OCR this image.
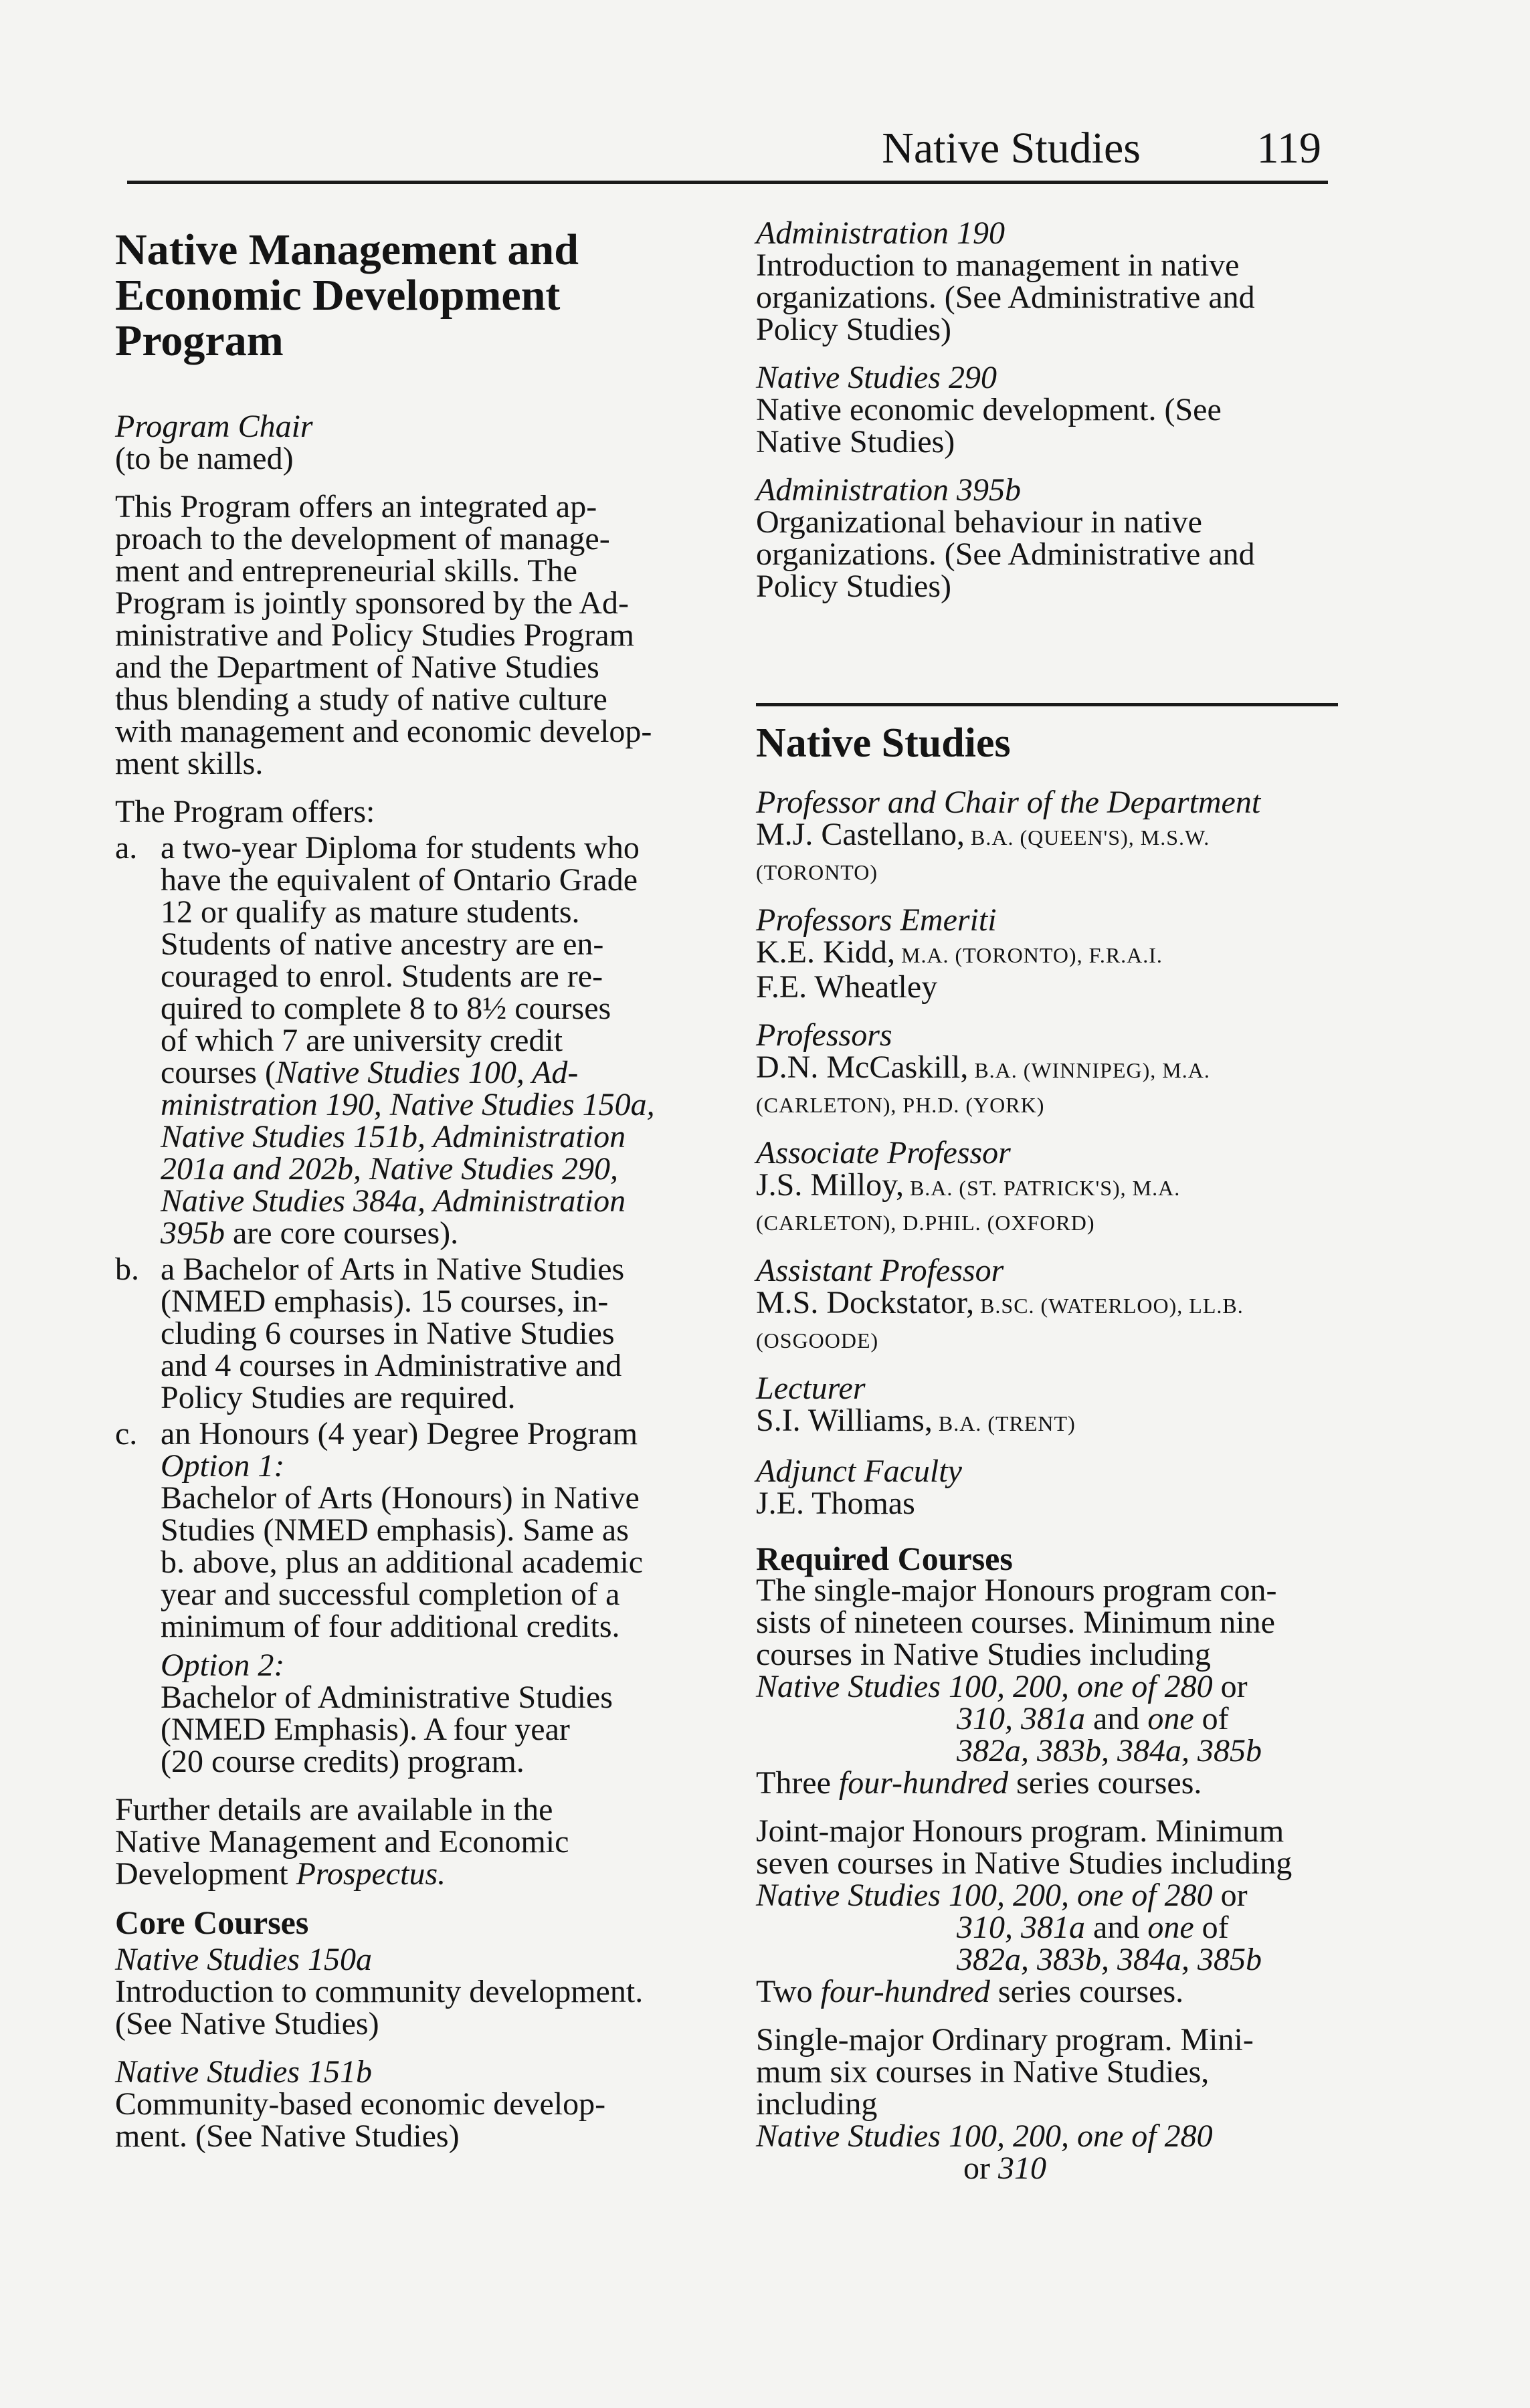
Native Studies	119
Native Management and
Economic Development
Program
Program Chair
(to be named)
This Program offers an integrated ap-
proach to the development of manage-
ment and entrepreneurial skills. The
Program is jointly sponsored by the Ad-
ministrative and Policy Studies Program
and the Department of Native Studies
thus blending a study of native culture
with management and economic develop-
ment skills.
The Program offers:
a. a two-year Diploma for students who
have the equivalent of Ontario Grade
12 or qualify as mature students.
Students of native ancestry are en-
couraged to enrol. Students are re-
quired to complete 8 to 8½ courses
of which 7 are university credit
courses (Native Studies 100, Ad-
ministration 190, Native Studies 150a,
Native Studies 151b, Administration
201a and 202b, Native Studies 290,
Native Studies 384a, Administration
395b are core courses).
b. a Bachelor of Arts in Native Studies
(NMED emphasis). 15 courses, in-
cluding 6 courses in Native Studies
and 4 courses in Administrative and
Policy Studies are required.
c. an Honours (4 year) Degree Program
Option 1:
Bachelor of Arts (Honours) in Native
Studies (NMED emphasis). Same as
b. above, plus an additional academic
year and successful completion of a
minimum of four additional credits.
Option 2:
Bachelor of Administrative Studies
(NMED Emphasis). A four year
(20 course credits) program.
Further details are available in the
Native Management and Economic
Development Prospectus.
Core Courses
Native Studies 150a
Introduction to community development.
(See Native Studies)
Native Studies 151b
Community-based economic develop-
ment. (See Native Studies)
Administration 190
Introduction to management in native
organizations. (See Administrative and
Policy Studies)
Native Studies 290
Native economic development. (See
Native Studies)
Administration 395b
Organizational behaviour in native
organizations. (See Administrative and
Policy Studies)
Native Studies
Professor and Chair of the Department
M.J. Castellano, B.A. (QUEEN'S), M.S.W.
(TORONTO)
Professors Emeriti
K.E. Kidd, M.A. (TORONTO), F.R.A.I.
F.E. Wheatley
Professors
D.N. McCaskill, B.A. (WINNIPEG), M.A.
(CARLETON), PH.D. (YORK)
Associate Professor
J.S. Milloy, B.A. (ST. PATRICK'S), M.A.
(CARLETON), D.PHIL. (OXFORD)
Assistant Professor
M.S. Dockstator, B.SC. (WATERLOO), LL.B.
(OSGOODE)
Lecturer
S.I. Williams, B.A. (TRENT)
Adjunct Faculty
J.E. Thomas
Required Courses
The single-major Honours program con-
sists of nineteen courses. Minimum nine
courses in Native Studies including
Native Studies 100, 200, one of 280 or
310, 381a and one of
382a, 383b, 384a, 385b
Three four-hundred series courses.
Joint-major Honours program. Minimum
seven courses in Native Studies including
Native Studies 100, 200, one of 280 or
310, 381a and one of
382a, 383b, 384a, 385b
Two four-hundred series courses.
Single-major Ordinary program. Mini-
mum six courses in Native Studies,
including
Native Studies 100, 200, one of 280
or 310
